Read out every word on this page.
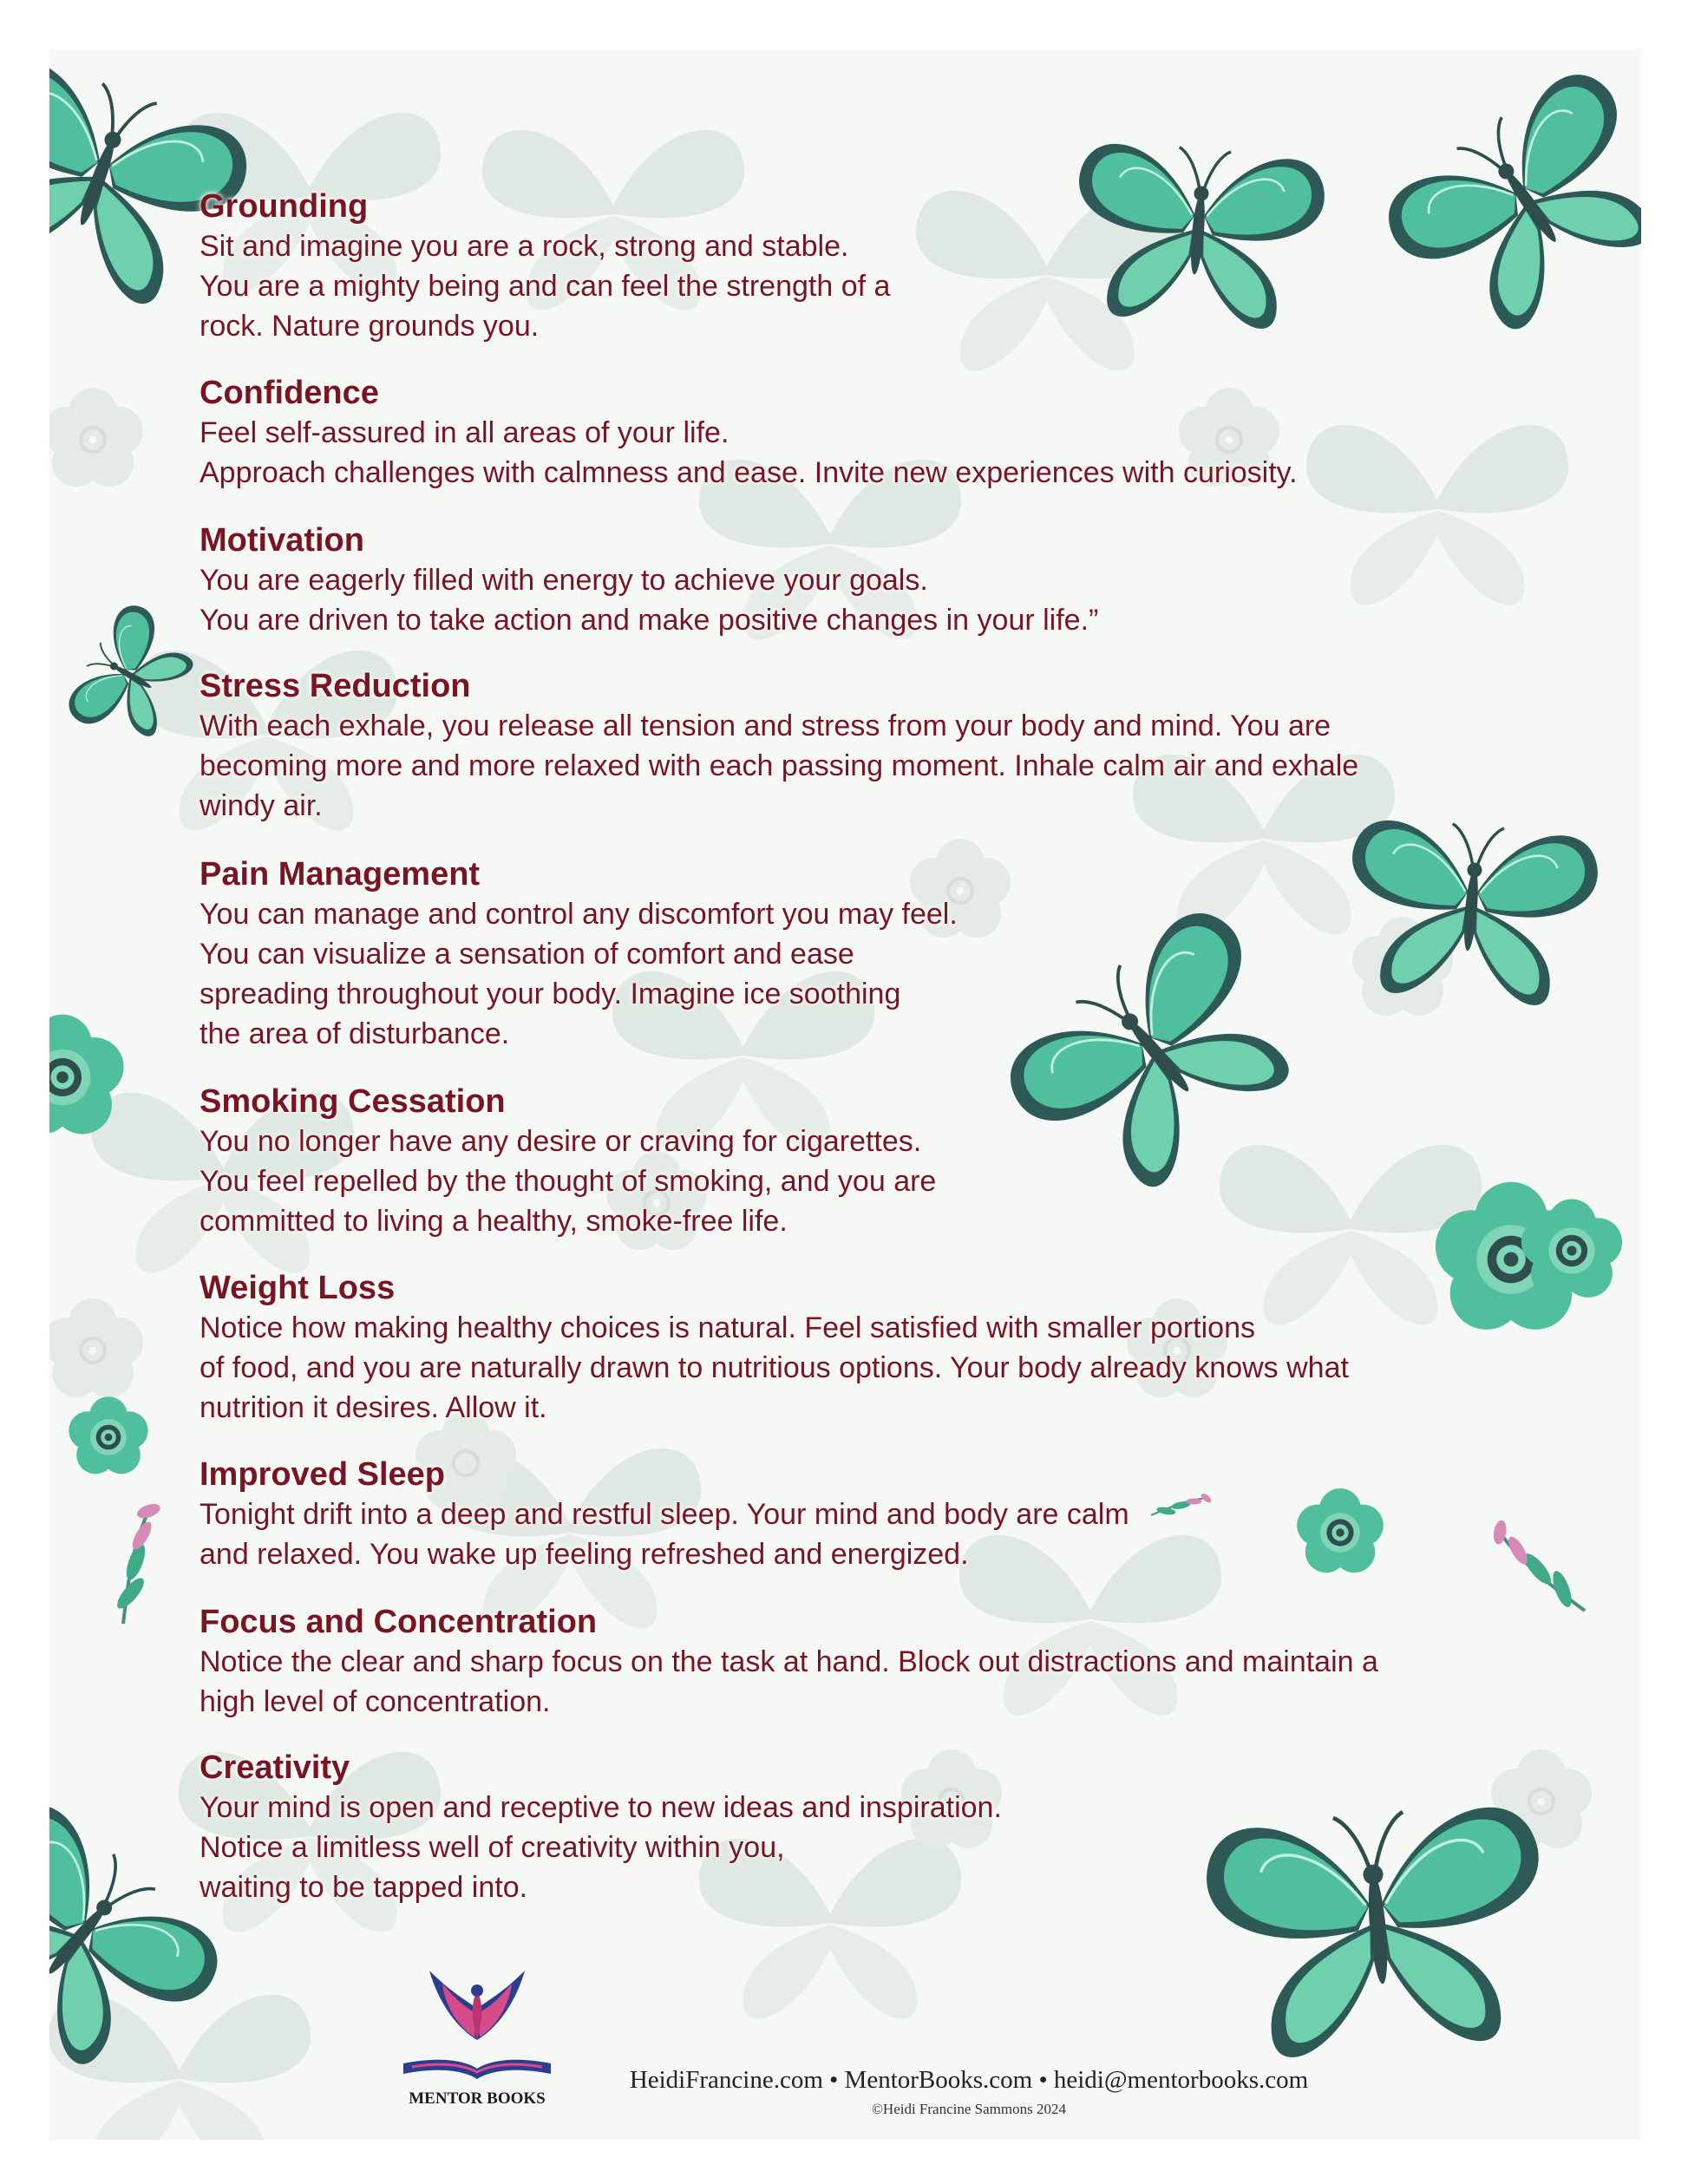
Grounding

Sit and imagine you are a rock, strong and stable.

You are a mighty being and can feel the strength of a

rock. Nature grounds you.

Confidence

Feel self-assured in all areas of your life.

Approach challenges with calmness and ease. Invite new experiences with curiosity.

Motivation

You are eagerly filled with energy to achieve your goals.

You are driven to take action and make positive changes in your life.”

Stress Reduction

With each exhale, you release all tension and stress from your body and mind. You are

becoming more and more relaxed with each passing moment. Inhale calm air and exhale

windy air.

Pain Management

You can manage and control any discomfort you may feel.

You can visualize a sensation of comfort and ease

spreading throughout your body. Imagine ice soothing

the area of disturbance.

Smoking Cessation

You no longer have any desire or craving for cigarettes.

You feel repelled by the thought of smoking, and you are

committed to living a healthy, smoke-free life.

Weight Loss

Notice how making healthy choices is natural. Feel satisfied with smaller portions

of food, and you are naturally drawn to nutritious options. Your body already knows what

nutrition it desires. Allow it.

Improved Sleep

Tonight drift into a deep and restful sleep. Your mind and body are calm

and relaxed. You wake up feeling refreshed and energized.

Focus and Concentration

Notice the clear and sharp focus on the task at hand. Block out distractions and maintain a

high level of concentration.

Creativity

Your mind is open and receptive to new ideas and inspiration.

Notice a limitless well of creativity within you,

waiting to be tapped into.

MENTOR BOOKS
HeidiFrancine.com • MentorBooks.com • heidi@mentorbooks.com
©Heidi Francine Sammons 2024
